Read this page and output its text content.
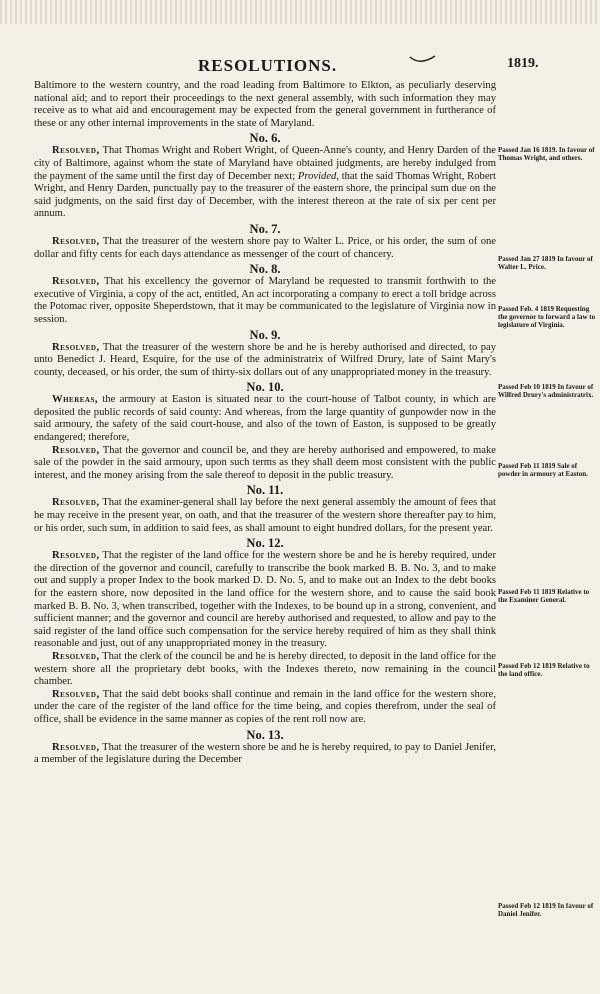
RESOLUTIONS.	1819.

Baltimore to the western country, and the road leading from Baltimore to Elkton, as peculiarly deserving national aid; and to report their proceedings to the next general assembly, with such information they may receive as to what aid and encouragement may be expected from the general government in furtherance of these or any other internal improvements in the state of Maryland.

No. 6.

Resolved, That Thomas Wright and Robert Wright, of Queen-Anne's county, and Henry Darden of the city of Baltimore, against whom the state of Maryland have obtained judgments, are hereby indulged from the payment of the same until the first day of December next; Provided, that the said Thomas Wright, Robert Wright, and Henry Darden, punctually pay to the treasurer of the eastern shore, the principal sum due on the said judgments, on the said first day of December, with the interest thereon at the rate of six per cent per annum.

No. 7.

Resolved, That the treasurer of the western shore pay to Walter L. Price, or his order, the sum of one dollar and fifty cents for each days attendance as messenger of the court of chancery.

No. 8.

Resolved, That his excellency the governor of Maryland be requested to transmit forthwith to the executive of Virginia, a copy of the act, entitled, An act incorporating a company to erect a toll bridge across the Potomac river, opposite Sheperdstown, that it may be communicated to the legislature of Virginia now in session.

No. 9.

Resolved, That the treasurer of the western shore be and he is hereby authorised and directed, to pay unto Benedict J. Heard, Esquire, for the use of the administratrix of Wilfred Drury, late of Saint Mary's county, deceased, or his order, the sum of thirty-six dollars out of any unappropriated money in the treasury.

No. 10.

Whereas, the armoury at Easton is situated near to the court-house of Talbot county, in which are deposited the public records of said county: And whereas, from the large quantity of gunpowder now in the said armoury, the safety of the said court-house, and also of the town of Easton, is supposed to be greatly endangered; therefore,

Resolved, That the governor and council be, and they are hereby authorised and empowered, to make sale of the powder in the said armoury, upon such terms as they shall deem most consistent with the public interest, and the money arising from the sale thereof to deposit in the public treasury.

No. 11.

Resolved, That the examiner-general shall lay before the next general assembly the amount of fees that he may receive in the present year, on oath, and that the treasurer of the western shore thereafter pay to him, or his order, such sum, in addition to said fees, as shall amount to eight hundred dollars, for the present year.

No. 12.

Resolved, That the register of the land office for the western shore be and he is hereby required, under the direction of the governor and council, carefully to transcribe the book marked B. B. No. 3, and to make out and supply a proper Index to the book marked D. D. No. 5, and to make out an Index to the debt books for the eastern shore, now deposited in the land office for the western shore, and to cause the said book marked B. B. No. 3, when transcribed, together with the Indexes, to be bound up in a strong, convenient, and sufficient manner; and the governor and council are hereby authorised and requested, to allow and pay to the said register of the land office such compensation for the service hereby required of him as they shall think reasonable and just, out of any unappropriated money in the treasury.

Resolved, That the clerk of the council be and he is hereby directed, to deposit in the land office for the western shore all the proprietary debt books, with the Indexes thereto, now remaining in the council chamber.

Resolved, That the said debt books shall continue and remain in the land office for the western shore, under the care of the register of the land office for the time being, and copies therefrom, under the seal of office, shall be evidence in the same manner as copies of the rent roll now are.

No. 13.

Resolved, That the treasurer of the western shore be and he is hereby required, to pay to Daniel Jenifer, a member of the legislature during the December

Passed Jan 16 1819. In favour of Thomas Wright, and others.
Passed Jan 27 1819 In favour of Walter L. Price.
Passed Feb. 4 1819 Requesting the governor to forward a law to legislature of Virginia.
Passed Feb 10 1819 In favour of Wilfred Drury's administratrix.
Passed Feb 11 1819 Sale of powder in armoury at Easton.
Passed Feb 11 1819 Relative to the Examiner General.
Passed Feb 12 1819 Relative to the land office.
Passed Feb 12 1819 In favour of Daniel Jenifer.
